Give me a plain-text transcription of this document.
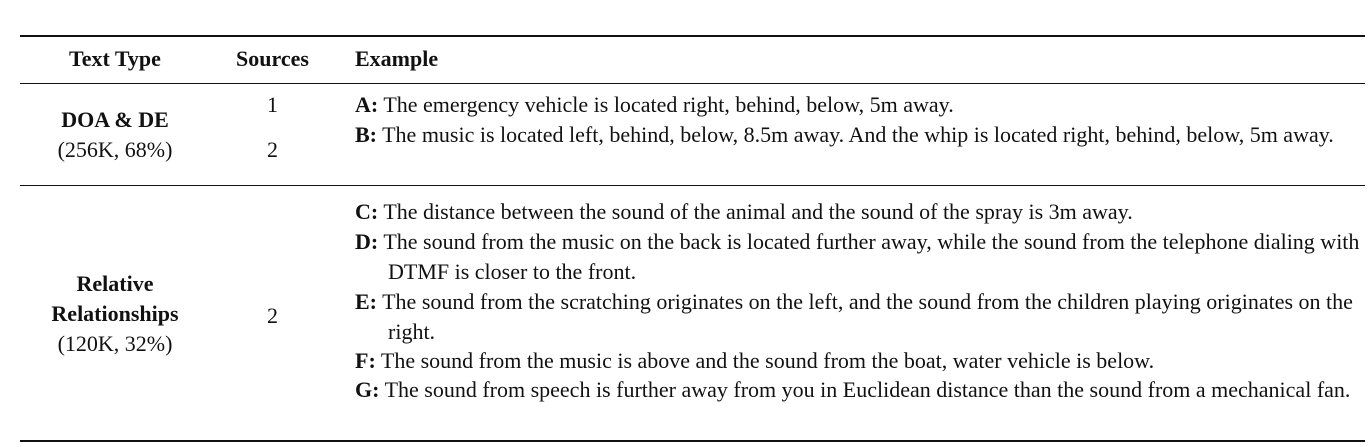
Text Type	Sources	Example
DOA & DE
(256K, 68%)
1
2
A: The emergency vehicle is located right, behind, below, 5m away.
B: The music is located left, behind, below, 8.5m away. And the whip is located right, behind, below, 5m away.
Relative
Relationships
(120K, 32%)
2
C: The distance between the sound of the animal and the sound of the spray is 3m away.
D: The sound from the music on the back is located further away, while the sound from the telephone dialing with DTMF is closer to the front.
E: The sound from the scratching originates on the left, and the sound from the children playing originates on the right.
F: The sound from the music is above and the sound from the boat, water vehicle is below.
G: The sound from speech is further away from you in Euclidean distance than the sound from a mechanical fan.
